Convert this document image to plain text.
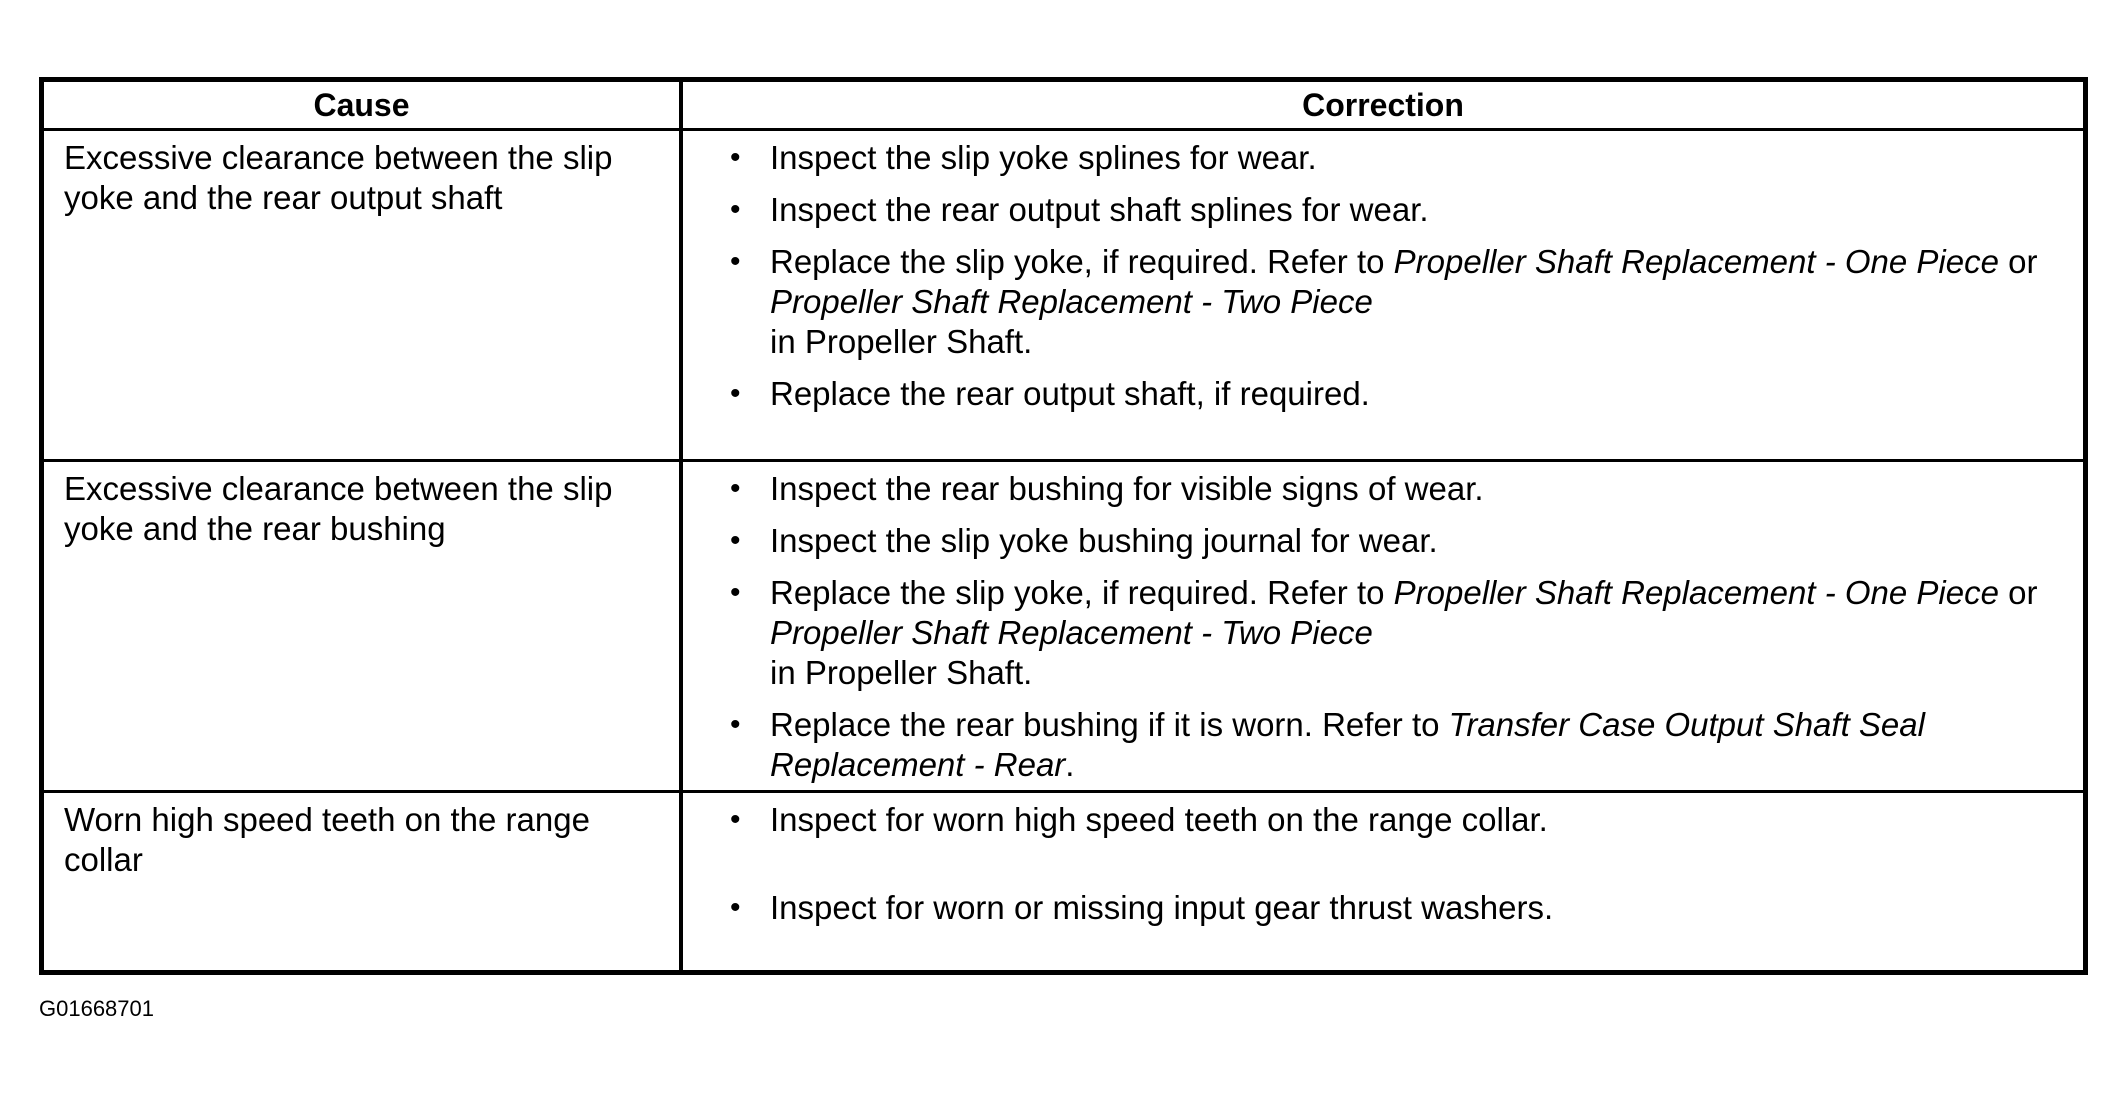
Cause	Correction
Excessive clearance between the slip yoke and the rear output shaft
• Inspect the slip yoke splines for wear.
• Inspect the rear output shaft splines for wear.
• Replace the slip yoke, if required. Refer to Propeller Shaft Replacement - One Piece or Propeller Shaft Replacement - Two Piece
in Propeller Shaft.
• Replace the rear output shaft, if required.
Excessive clearance between the slip yoke and the rear bushing
• Inspect the rear bushing for visible signs of wear.
• Inspect the slip yoke bushing journal for wear.
• Replace the slip yoke, if required. Refer to Propeller Shaft Replacement - One Piece or Propeller Shaft Replacement - Two Piece
in Propeller Shaft.
• Replace the rear bushing if it is worn. Refer to Transfer Case Output Shaft Seal Replacement - Rear.
Worn high speed teeth on the range collar
• Inspect for worn high speed teeth on the range collar.
• Inspect for worn or missing input gear thrust washers.
G01668701
